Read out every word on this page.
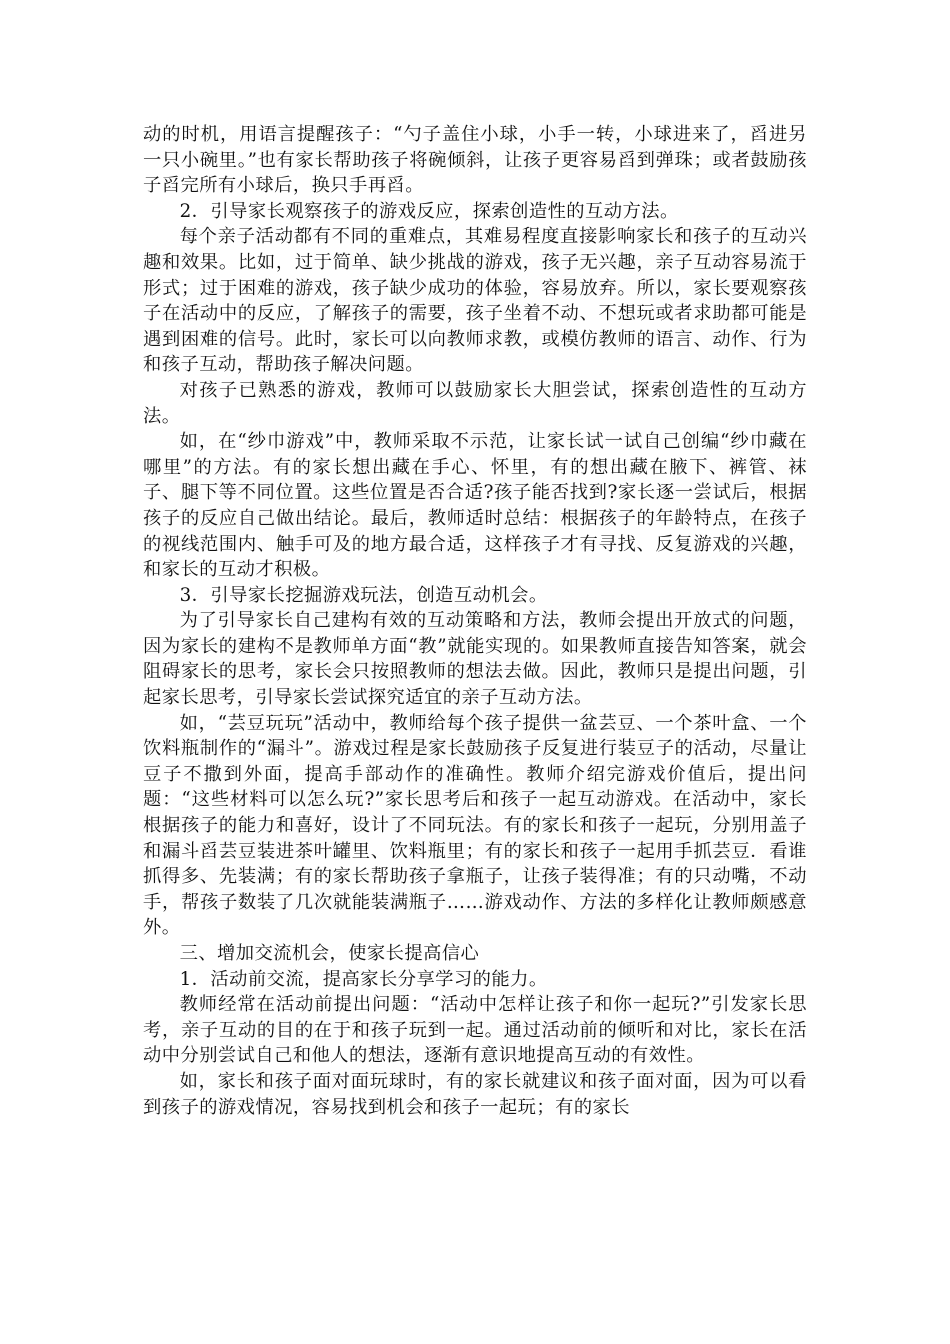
动的时机，用语言提醒孩子：“勺子盖住小球，小手一转，小球进来了，舀进另一只小碗里。”也有家长帮助孩子将碗倾斜，让孩子更容易舀到弹珠；或者鼓励孩子舀完所有小球后，换只手再舀。

2．引导家长观察孩子的游戏反应，探索创造性的互动方法。

每个亲子活动都有不同的重难点，其难易程度直接影响家长和孩子的互动兴趣和效果。比如，过于简单、缺少挑战的游戏，孩子无兴趣，亲子互动容易流于形式；过于困难的游戏，孩子缺少成功的体验，容易放弃。所以，家长要观察孩子在活动中的反应，了解孩子的需要，孩子坐着不动、不想玩或者求助都可能是遇到困难的信号。此时，家长可以向教师求教，或模仿教师的语言、动作、行为和孩子互动，帮助孩子解决问题。

对孩子已熟悉的游戏，教师可以鼓励家长大胆尝试，探索创造性的互动方法。

如，在“纱巾游戏”中，教师采取不示范，让家长试一试自己创编“纱巾藏在哪里”的方法。有的家长想出藏在手心、怀里，有的想出藏在腋下、裤管、袜子、腿下等不同位置。这些位置是否合适?孩子能否找到?家长逐一尝试后，根据孩子的反应自己做出结论。最后，教师适时总结：根据孩子的年龄特点，在孩子的视线范围内、触手可及的地方最合适，这样孩子才有寻找、反复游戏的兴趣，和家长的互动才积极。

3．引导家长挖掘游戏玩法，创造互动机会。

为了引导家长自己建构有效的互动策略和方法，教师会提出开放式的问题，因为家长的建构不是教师单方面“教”就能实现的。如果教师直接告知答案，就会阻碍家长的思考，家长会只按照教师的想法去做。因此，教师只是提出问题，引起家长思考，引导家长尝试探究适宜的亲子互动方法。

如，“芸豆玩玩”活动中，教师给每个孩子提供一盆芸豆、一个茶叶盒、一个饮料瓶制作的“漏斗”。游戏过程是家长鼓励孩子反复进行装豆子的活动，尽量让豆子不撒到外面，提高手部动作的准确性。教师介绍完游戏价值后，提出问题：“这些材料可以怎么玩?”家长思考后和孩子一起互动游戏。在活动中，家长根据孩子的能力和喜好，设计了不同玩法。有的家长和孩子一起玩，分别用盖子和漏斗舀芸豆装进茶叶罐里、饮料瓶里；有的家长和孩子一起用手抓芸豆．看谁抓得多、先装满；有的家长帮助孩子拿瓶子，让孩子装得准；有的只动嘴，不动手，帮孩子数装了几次就能装满瓶子……游戏动作、方法的多样化让教师颇感意外。

三、增加交流机会，使家长提高信心

1．活动前交流，提高家长分享学习的能力。

教师经常在活动前提出问题：“活动中怎样让孩子和你一起玩?”引发家长思考，亲子互动的目的在于和孩子玩到一起。通过活动前的倾听和对比，家长在活动中分别尝试自己和他人的想法，逐渐有意识地提高互动的有效性。

如，家长和孩子面对面玩球时，有的家长就建议和孩子面对面，因为可以看到孩子的游戏情况，容易找到机会和孩子一起玩；有的家长
